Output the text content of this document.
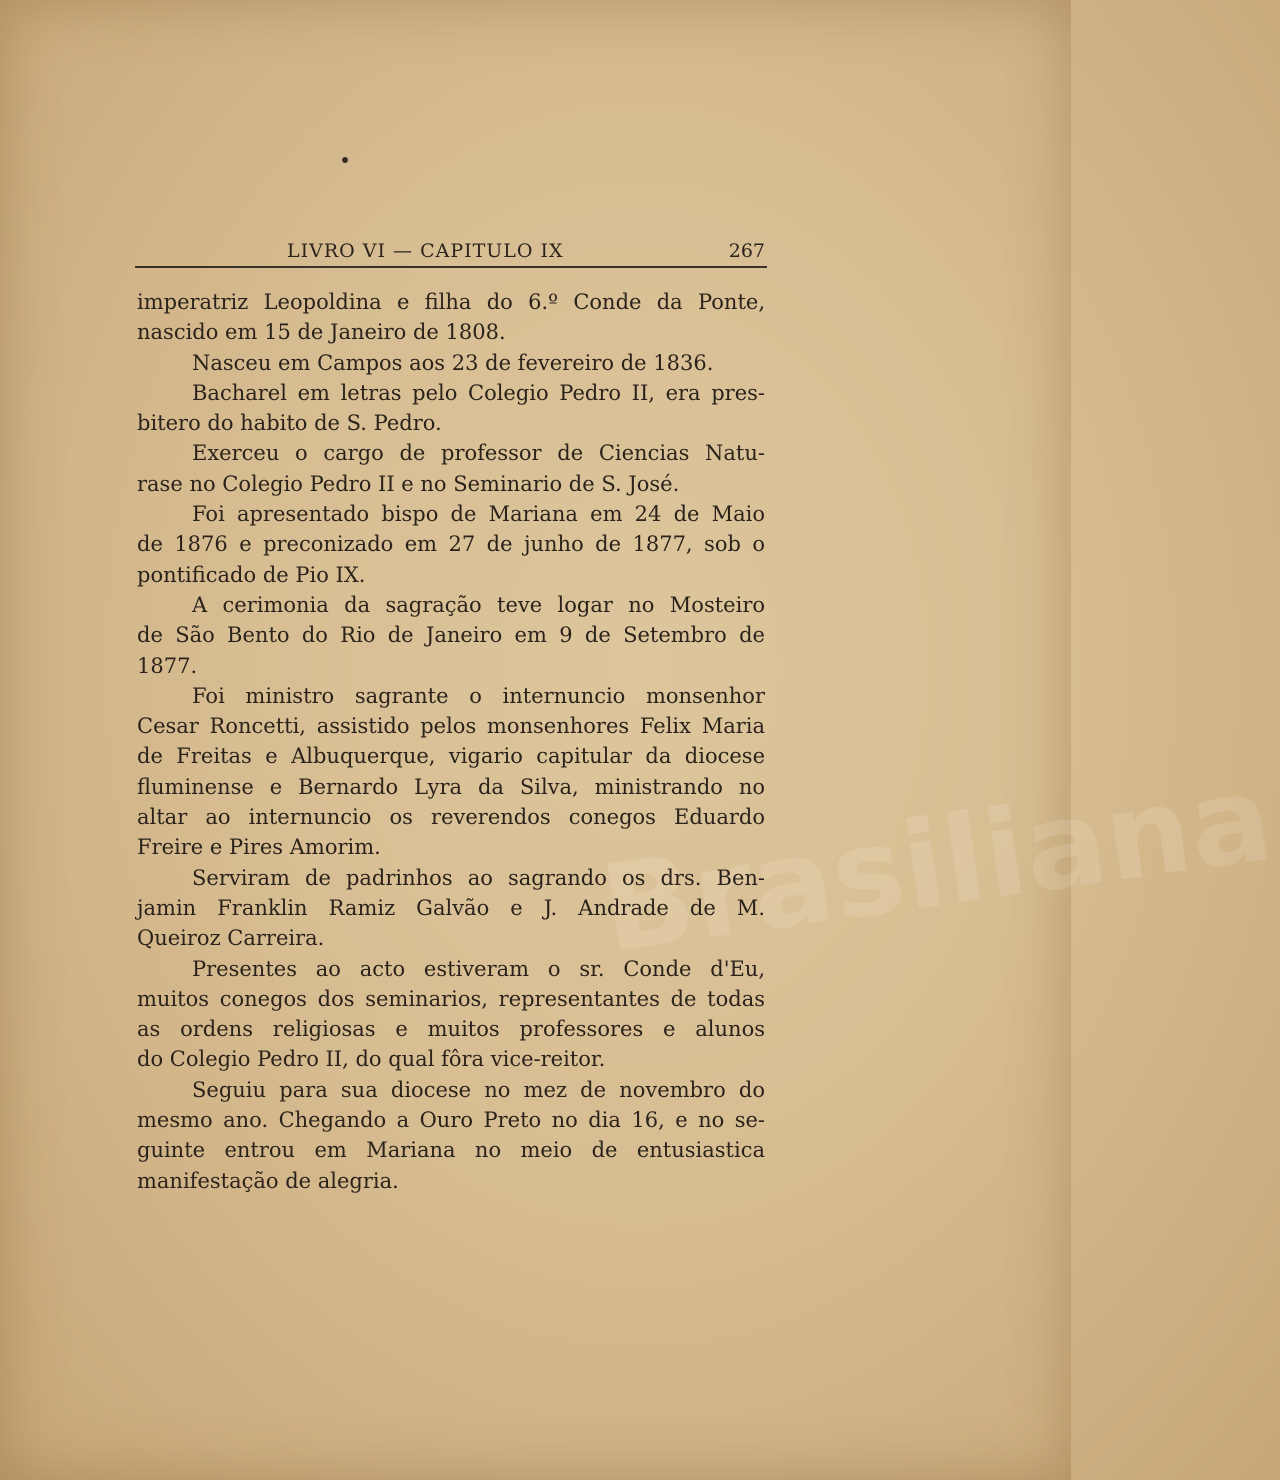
Brasiliana
LIVRO VI — CAPITULO IX	267
imperatriz Leopoldina e filha do 6.º Conde da Ponte,
nascido em 15 de Janeiro de 1808.
Nasceu em Campos aos 23 de fevereiro de 1836.
Bacharel em letras pelo Colegio Pedro II, era pres-
bitero do habito de S. Pedro.
Exerceu o cargo de professor de Ciencias Natu-
rase no Colegio Pedro II e no Seminario de S. José.
Foi apresentado bispo de Mariana em 24 de Maio
de 1876 e preconizado em 27 de junho de 1877, sob o
pontificado de Pio IX.
A cerimonia da sagração teve logar no Mosteiro
de São Bento do Rio de Janeiro em 9 de Setembro de
1877.
Foi ministro sagrante o internuncio monsenhor
Cesar Roncetti, assistido pelos monsenhores Felix Maria
de Freitas e Albuquerque, vigario capitular da diocese
fluminense e Bernardo Lyra da Silva, ministrando no
altar ao internuncio os reverendos conegos Eduardo
Freire e Pires Amorim.
Serviram de padrinhos ao sagrando os drs. Ben-
jamin Franklin Ramiz Galvão e J. Andrade de M.
Queiroz Carreira.
Presentes ao acto estiveram o sr. Conde d'Eu,
muitos conegos dos seminarios, representantes de todas
as ordens religiosas e muitos professores e alunos
do Colegio Pedro II, do qual fôra vice-reitor.
Seguiu para sua diocese no mez de novembro do
mesmo ano. Chegando a Ouro Preto no dia 16, e no se-
guinte entrou em Mariana no meio de entusiastica
manifestação de alegria.
